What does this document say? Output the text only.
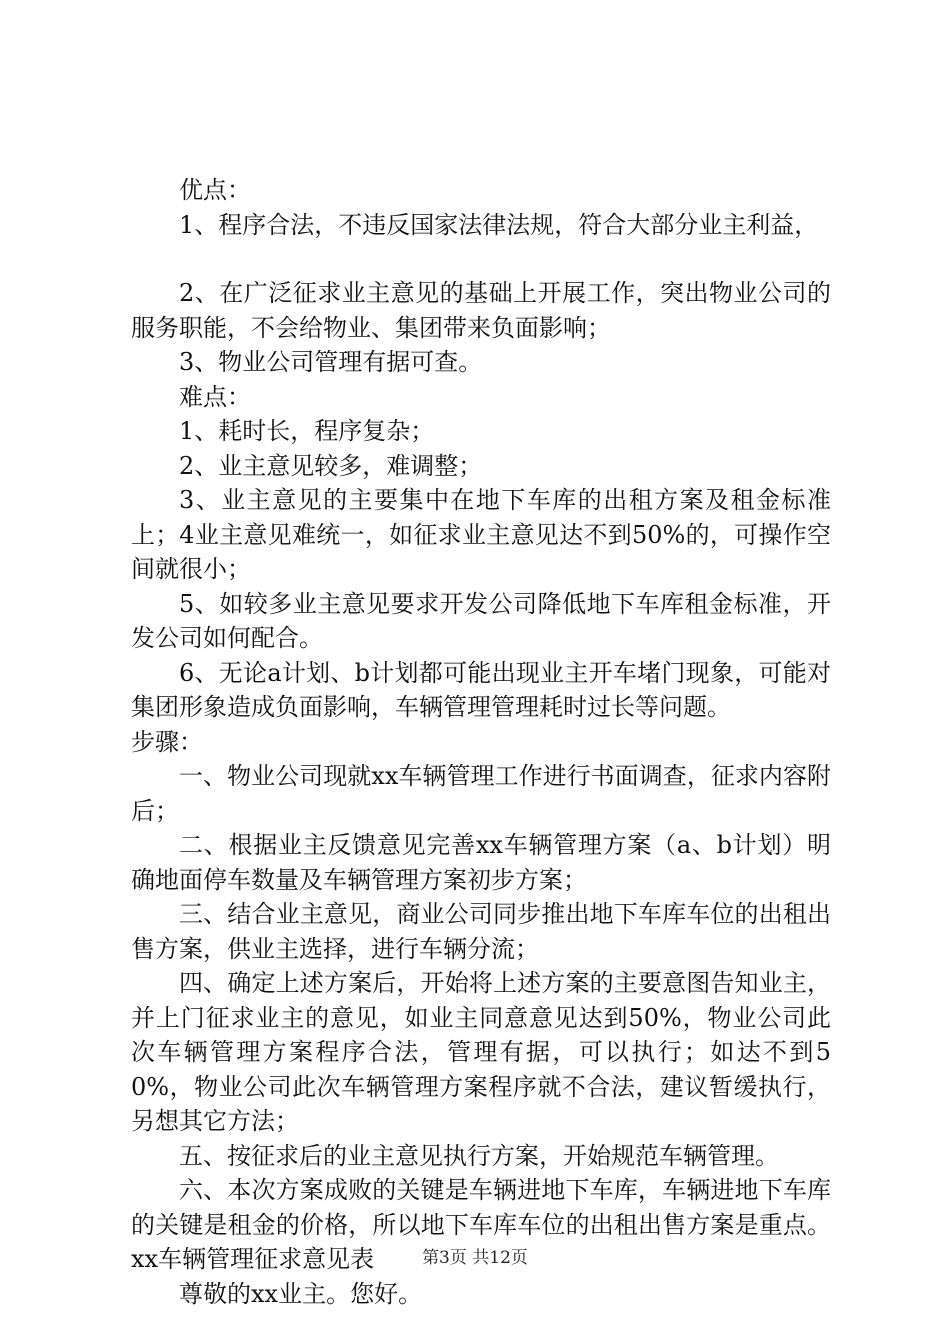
优点：

1、程序合法，不违反国家法律法规，符合大部分业主利益，

2、在广泛征求业主意见的基础上开展工作，突出物业公司的服务职能，不会给物业、集团带来负面影响；

3、物业公司管理有据可查。

难点：

1、耗时长，程序复杂；

2、业主意见较多，难调整；

3、业主意见的主要集中在地下车库的出租方案及租金标准上；4业主意见难统一，如征求业主意见达不到50%的，可操作空间就很小；

5、如较多业主意见要求开发公司降低地下车库租金标准，开发公司如何配合。

6、无论a计划、b计划都可能出现业主开车堵门现象，可能对集团形象造成负面影响，车辆管理管理耗时过长等问题。

步骤：

一、物业公司现就xx车辆管理工作进行书面调查，征求内容附后；

二、根据业主反馈意见完善xx车辆管理方案（a、b计划）明确地面停车数量及车辆管理方案初步方案；

三、结合业主意见，商业公司同步推出地下车库车位的出租出售方案，供业主选择，进行车辆分流；

四、确定上述方案后，开始将上述方案的主要意图告知业主，并上门征求业主的意见，如业主同意意见达到50%，物业公司此次车辆管理方案程序合法，管理有据，可以执行；如达不到50%，物业公司此次车辆管理方案程序就不合法，建议暂缓执行，另想其它方法；

五、按征求后的业主意见执行方案，开始规范车辆管理。

六、本次方案成败的关键是车辆进地下车库，车辆进地下车库的关键是租金的价格，所以地下车库车位的出租出售方案是重点。xx车辆管理征求意见表

尊敬的xx业主。您好。

第3页 共12页
